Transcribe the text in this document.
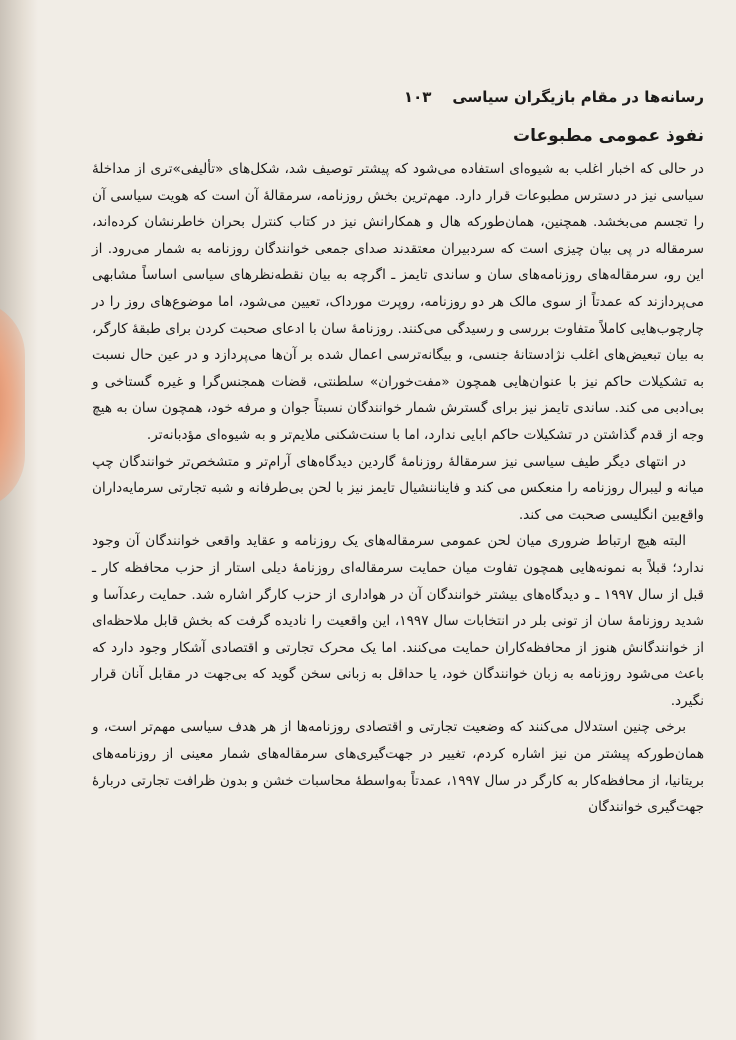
رسانه‌ها در مقام بازیگران سیاسی    ۱۰۳
نفوذ عمومی مطبوعات

در حالی که اخبار اغلب به شیوه‌ای استفاده می‌شود که پیشتر توصیف شد، شکل‌های «تألیفی»تری از مداخلهٔ سیاسی نیز در دسترس مطبوعات قرار دارد. مهم‌ترین بخش روزنامه، سرمقالهٔ آن است که هویت سیاسی آن را تجسم می‌بخشد. همچنین، همان‌طورکه هال و همکارانش نیز در کتاب کنترل بحران خاطرنشان کرده‌اند، سرمقاله در پی بیان چیزی است که سردبیران معتقدند صدای جمعی خوانندگان روزنامه به شمار می‌رود. از این رو، سرمقاله‌های روزنامه‌های سان و ساندی تایمز ـ اگرچه به بیان نقطه‌نظرهای سیاسی اساساً مشابهی می‌پردازند که عمدتاً از سوی مالک هر دو روزنامه، روپرت مورداک، تعیین می‌شود، اما موضوع‌های روز را در چارچوب‌هایی کاملاً متفاوت بررسی و رسیدگی می‌کنند. روزنامهٔ سان با ادعای صحبت کردن برای طبقهٔ کارگر، به بیان تبعیض‌های اغلب نژادستانهٔ جنسی، و بیگانه‌ترسی اعمال شده بر آن‌ها می‌پردازد و در عین حال نسبت به تشکیلات حاکم نیز با عنوان‌هایی همچون «مفت‌خوران» سلطنتی، قضات همجنس‌گرا و غیره گستاخی و بی‌ادبی می کند. ساندی تایمز نیز برای گسترش شمار خوانندگان نسبتاً جوان و مرفه خود، همچون سان به هیچ وجه از قدم گذاشتن در تشکیلات حاکم ابایی ندارد، اما با سنت‌شکنی ملایم‌تر و به شیوه‌ای مؤدبانه‌تر.

در انتهای دیگر طیف سیاسی نیز سرمقالهٔ روزنامهٔ گاردین دیدگاه‌های آرام‌تر و متشخص‌تر خوانندگان چپ میانه و لیبرال روزنامه را منعکس می کند و فایناننشیال تایمز نیز با لحن بی‌طرفانه و شبه تجارتی سرمایه‌داران واقع‌بین انگلیسی صحبت می کند.

البته هیچ ارتباط ضروری میان لحن عمومی سرمقاله‌های یک روزنامه و عقاید واقعی خوانندگان آن وجود ندارد؛ قبلاً به نمونه‌هایی همچون تفاوت میان حمایت سرمقاله‌ای روزنامهٔ دیلی استار از حزب محافظه کار ـ قبل از سال ۱۹۹۷ ـ و دیدگاه‌های بیشتر خوانندگان آن در هواداری از حزب کارگر اشاره شد. حمایت رعدآسا و شدید روزنامهٔ سان از تونی بلر در انتخابات سال ۱۹۹۷، این واقعیت را نادیده گرفت که بخش قابل ملاحظه‌ای از خوانندگانش هنوز از محافظه‌کاران حمایت می‌کنند. اما یک محرک تجارتی و اقتصادی آشکار وجود دارد که باعث می‌شود روزنامه به زبان خوانندگان خود، یا حداقل به زبانی سخن گوید که بی‌جهت در مقابل آنان قرار نگیرد.

برخی چنین استدلال می‌کنند که وضعیت تجارتی و اقتصادی روزنامه‌ها از هر هدف سیاسی مهم‌تر است، و همان‌طورکه پیشتر من نیز اشاره کردم، تغییر در جهت‌گیری‌های سرمقاله‌های شمار معینی از روزنامه‌های بریتانیا، از محافظه‌کار به کارگر در سال ۱۹۹۷، عمدتاً به‌واسطهٔ محاسبات خشن و بدون ظرافت تجارتی دربارهٔ جهت‌گیری خوانندگان
